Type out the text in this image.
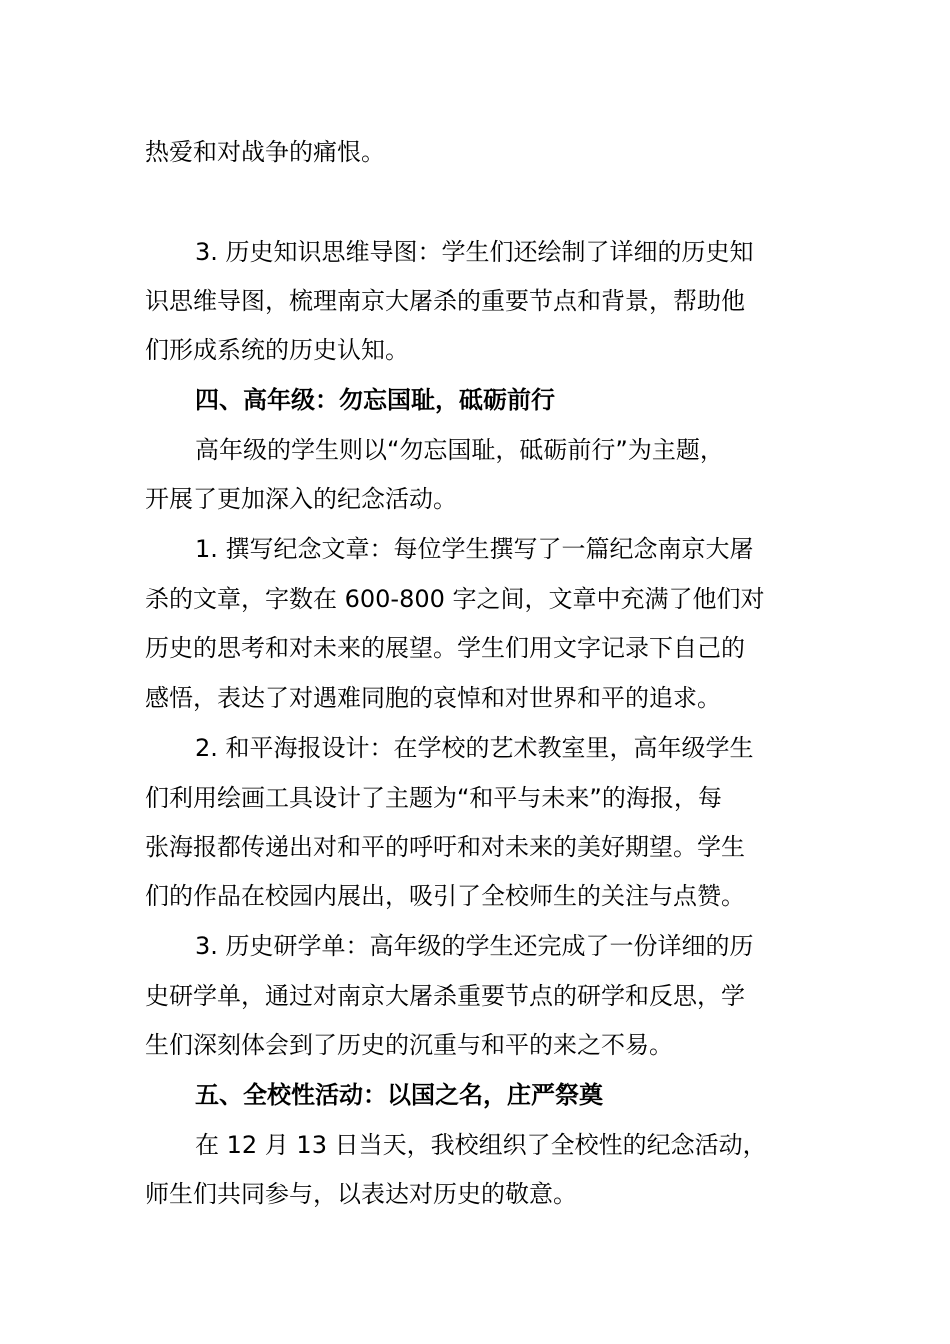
热爱和对战争的痛恨。
3. 历史知识思维导图：学生们还绘制了详细的历史知
识思维导图，梳理南京大屠杀的重要节点和背景，帮助他
们形成系统的历史认知。
四、高年级：勿忘国耻，砥砺前行
高年级的学生则以“勿忘国耻，砥砺前行”为主题，
开展了更加深入的纪念活动。
1. 撰写纪念文章：每位学生撰写了一篇纪念南京大屠
杀的文章，字数在 600-800 字之间，文章中充满了他们对
历史的思考和对未来的展望。学生们用文字记录下自己的
感悟，表达了对遇难同胞的哀悼和对世界和平的追求。
2. 和平海报设计：在学校的艺术教室里，高年级学生
们利用绘画工具设计了主题为“和平与未来”的海报，每
张海报都传递出对和平的呼吁和对未来的美好期望。学生
们的作品在校园内展出，吸引了全校师生的关注与点赞。
3. 历史研学单：高年级的学生还完成了一份详细的历
史研学单，通过对南京大屠杀重要节点的研学和反思，学
生们深刻体会到了历史的沉重与和平的来之不易。
五、全校性活动：以国之名，庄严祭奠
在 12 月 13 日当天，我校组织了全校性的纪念活动，
师生们共同参与，以表达对历史的敬意。
